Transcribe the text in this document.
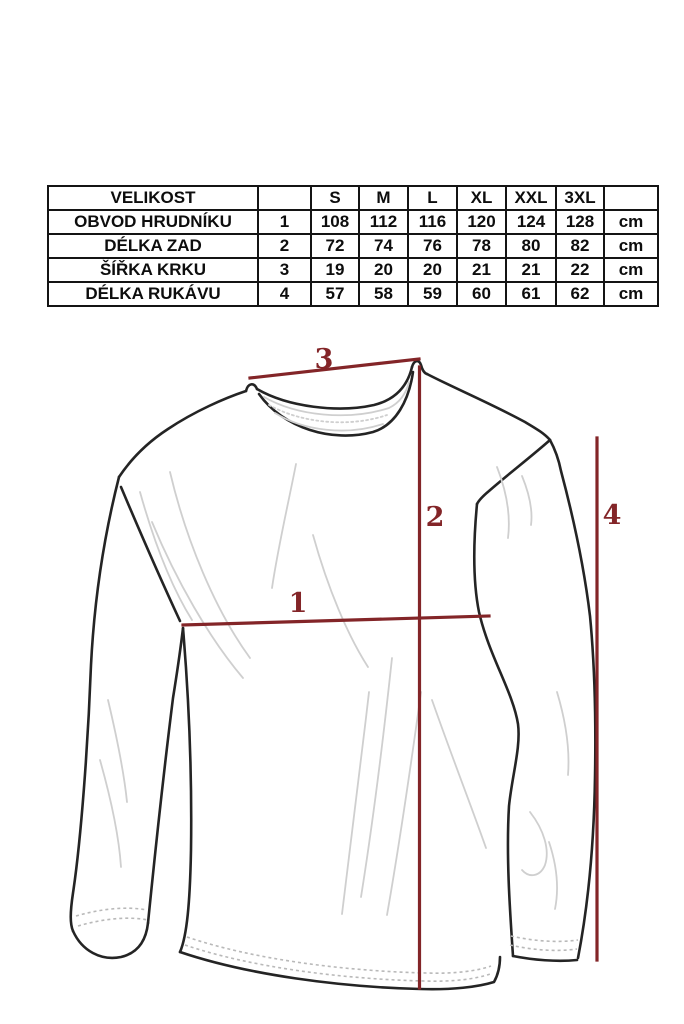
VELIKOST		S	M	L	XL	XXL	3XL	
OBVOD HRUDNÍKU	1	108	112	116	120	124	128	cm
DÉLKA ZAD	2	72	74	76	78	80	82	cm
ŠÍŘKA KRKU	3	19	20	20	21	21	22	cm
DÉLKA RUKÁVU	4	57	58	59	60	61	62	cm
1
2
3
4
